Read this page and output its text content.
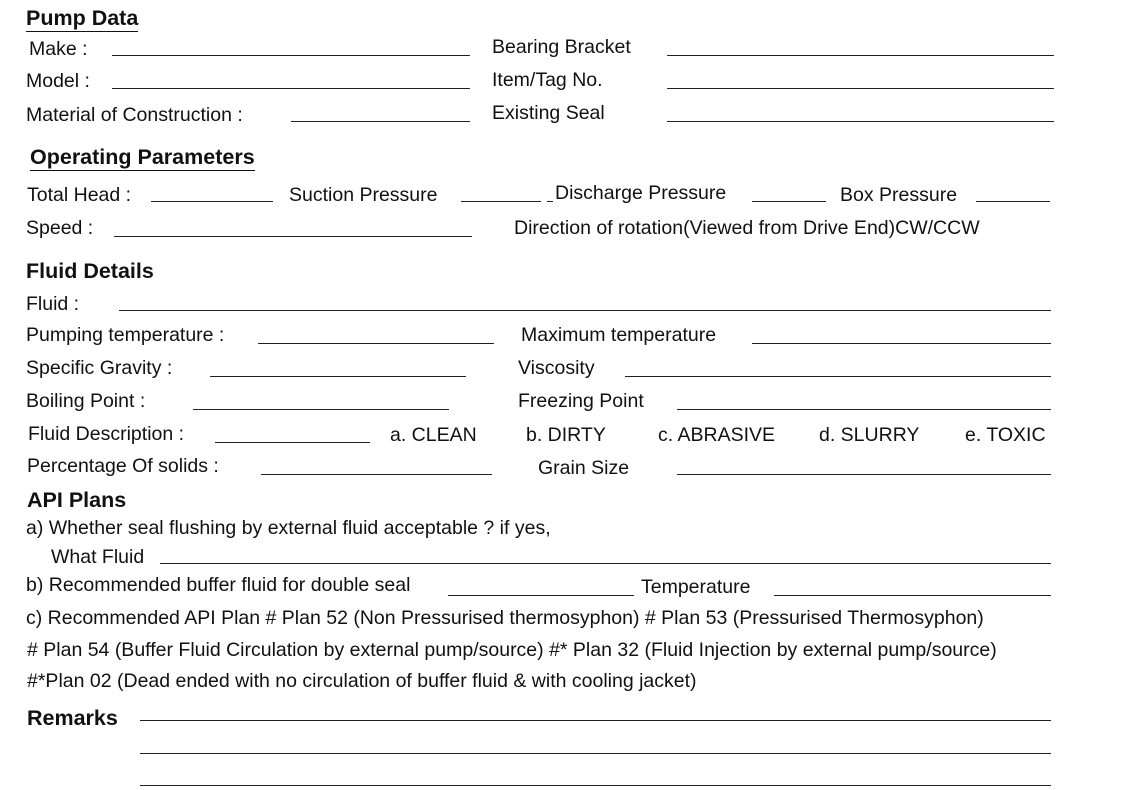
Pump Data
Make :	Bearing Bracket
Model :	Item/Tag No.
Material of Construction :	Existing Seal
Operating Parameters
Total Head :	Suction Pressure	Discharge Pressure	Box Pressure
Speed :	Direction of rotation(Viewed from Drive End)CW/CCW
Fluid Details
Fluid :
Pumping temperature :	Maximum temperature
Specific Gravity :	Viscosity
Boiling Point :	Freezing Point
Fluid Description :	a. CLEAN	b. DIRTY	c. ABRASIVE d. SLURRY e. TOXIC
Percentage Of solids :	Grain Size
API Plans
a) Whether seal flushing by external fluid acceptable ? if yes,
What Fluid
b) Recommended buffer fluid for double seal	Temperature
c) Recommended API Plan # Plan 52 (Non Pressurised thermosyphon) # Plan 53 (Pressurised Thermosyphon)
# Plan 54 (Buffer Fluid Circulation by external pump/source) #* Plan 32 (Fluid Injection by external pump/source)
#*Plan 02 (Dead ended with no circulation of buffer fluid & with cooling jacket)
Remarks
